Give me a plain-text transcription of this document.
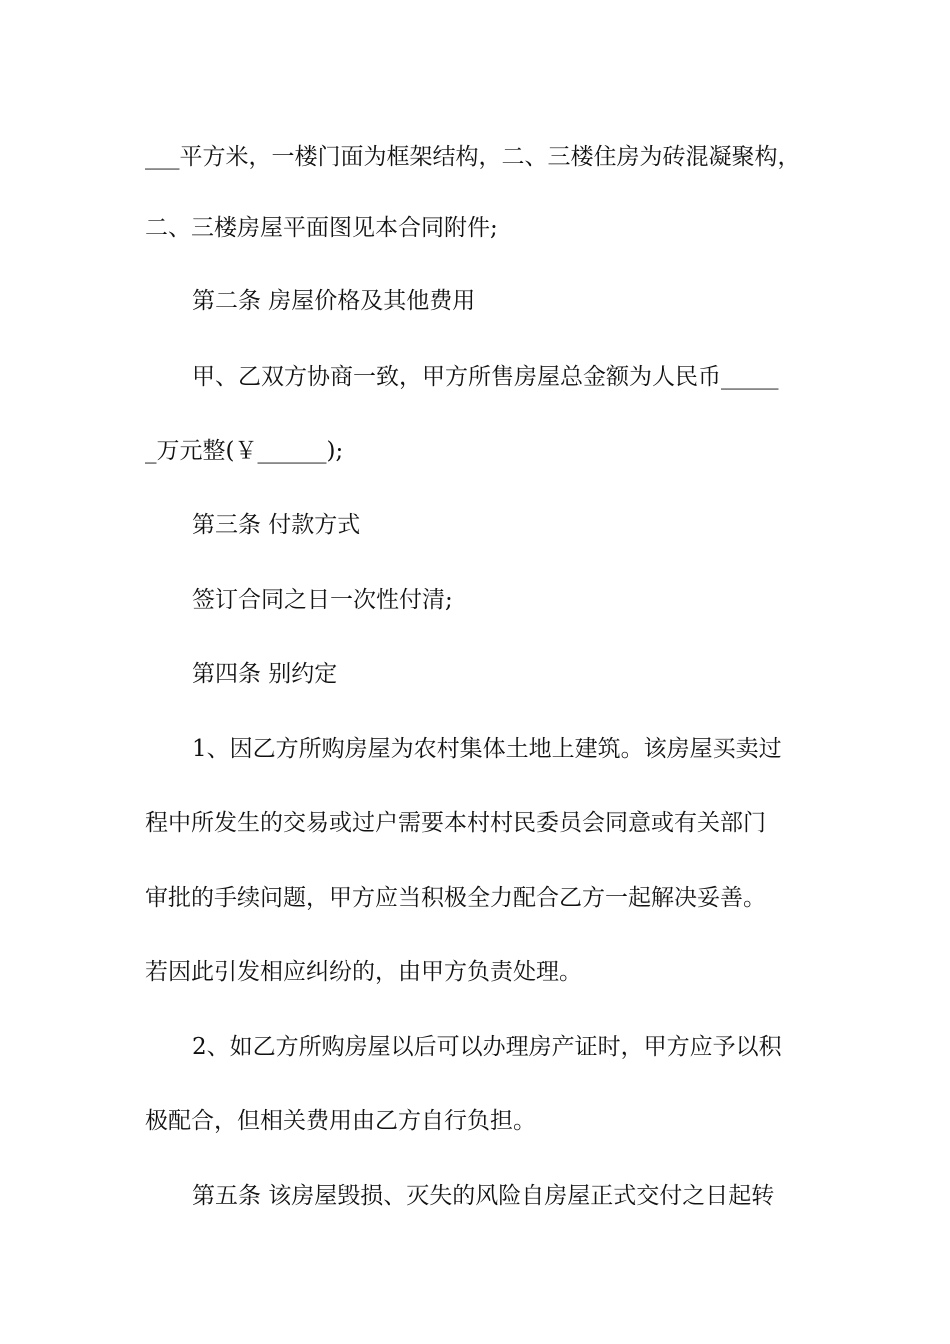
___平方米，一楼门面为框架结构，二、三楼住房为砖混凝聚构，
二、三楼房屋平面图见本合同附件;
第二条 房屋价格及其他费用
甲、乙双方协商一致，甲方所售房屋总金额为人民币_____
_万元整(￥______);
第三条 付款方式
签订合同之日一次性付清;
第四条 别约定
1、因乙方所购房屋为农村集体土地上建筑。该房屋买卖过
程中所发生的交易或过户需要本村村民委员会同意或有关部门
审批的手续问题，甲方应当积极全力配合乙方一起解决妥善。
若因此引发相应纠纷的，由甲方负责处理。
2、如乙方所购房屋以后可以办理房产证时，甲方应予以积
极配合，但相关费用由乙方自行负担。
第五条 该房屋毁损、灭失的风险自房屋正式交付之日起转
